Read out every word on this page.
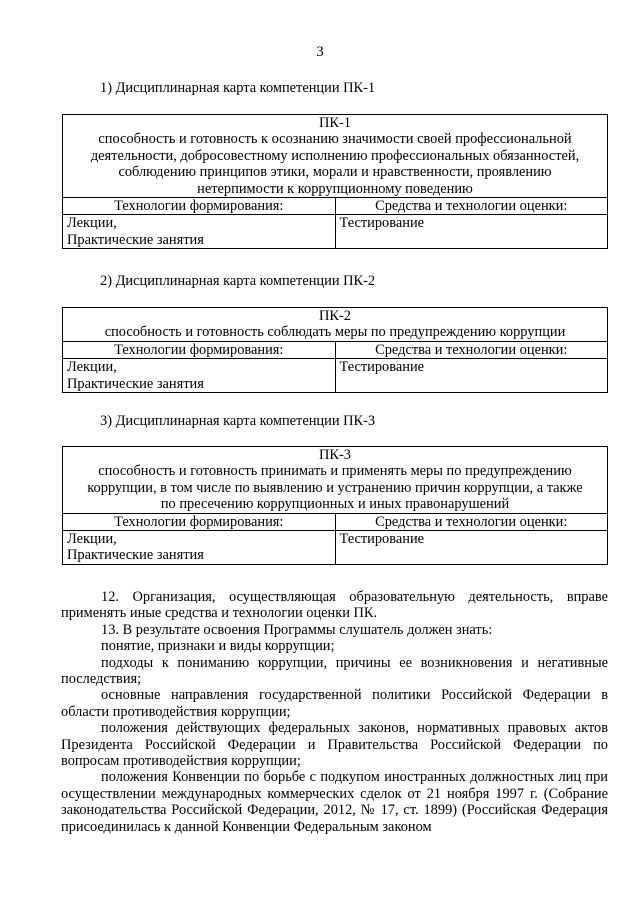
3
1) Дисциплинарная карта компетенции ПК-1
ПК-1
способность и готовность к осознанию значимости своей профессиональной
деятельности, добросовестному исполнению профессиональных обязанностей,
соблюдению принципов этики, морали и нравственности, проявлению
нетерпимости к коррупционному поведению	

Технологии формирования:	Средства и технологии оценки:

Лекции,
Практические занятия	Тестирование
2) Дисциплинарная карта компетенции ПК-2
ПК-2
способность и готовность соблюдать меры по предупреждению коррупции	

Технологии формирования:	Средства и технологии оценки:

Лекции,
Практические занятия	Тестирование
3) Дисциплинарная карта компетенции ПК-3
ПК-3
способность и готовность принимать и применять меры по предупреждению
коррупции, в том числе по выявлению и устранению причин коррупции, а также
по пресечению коррупционных и иных правонарушений	

Технологии формирования:	Средства и технологии оценки:

Лекции,
Практические занятия	Тестирование

12. Организация, осуществляющая образовательную деятельность, вправе применять иные средства и технологии оценки ПК.

13. В результате освоения Программы слушатель должен знать:

понятие, признаки и виды коррупции;

подходы к пониманию коррупции, причины ее возникновения и негативные последствия;

основные направления государственной политики Российской Федерации в области противодействия коррупции;

положения действующих федеральных законов, нормативных правовых актов Президента Российской Федерации и Правительства Российской Федерации по вопросам противодействия коррупции;

положения Конвенции по борьбе с подкупом иностранных должностных лиц при осуществлении международных коммерческих сделок от 21 ноября 1997 г. (Собрание законодательства Российской Федерации, 2012, № 17, ст. 1899) (Российская Федерация присоединилась к данной Конвенции Федеральным законом
